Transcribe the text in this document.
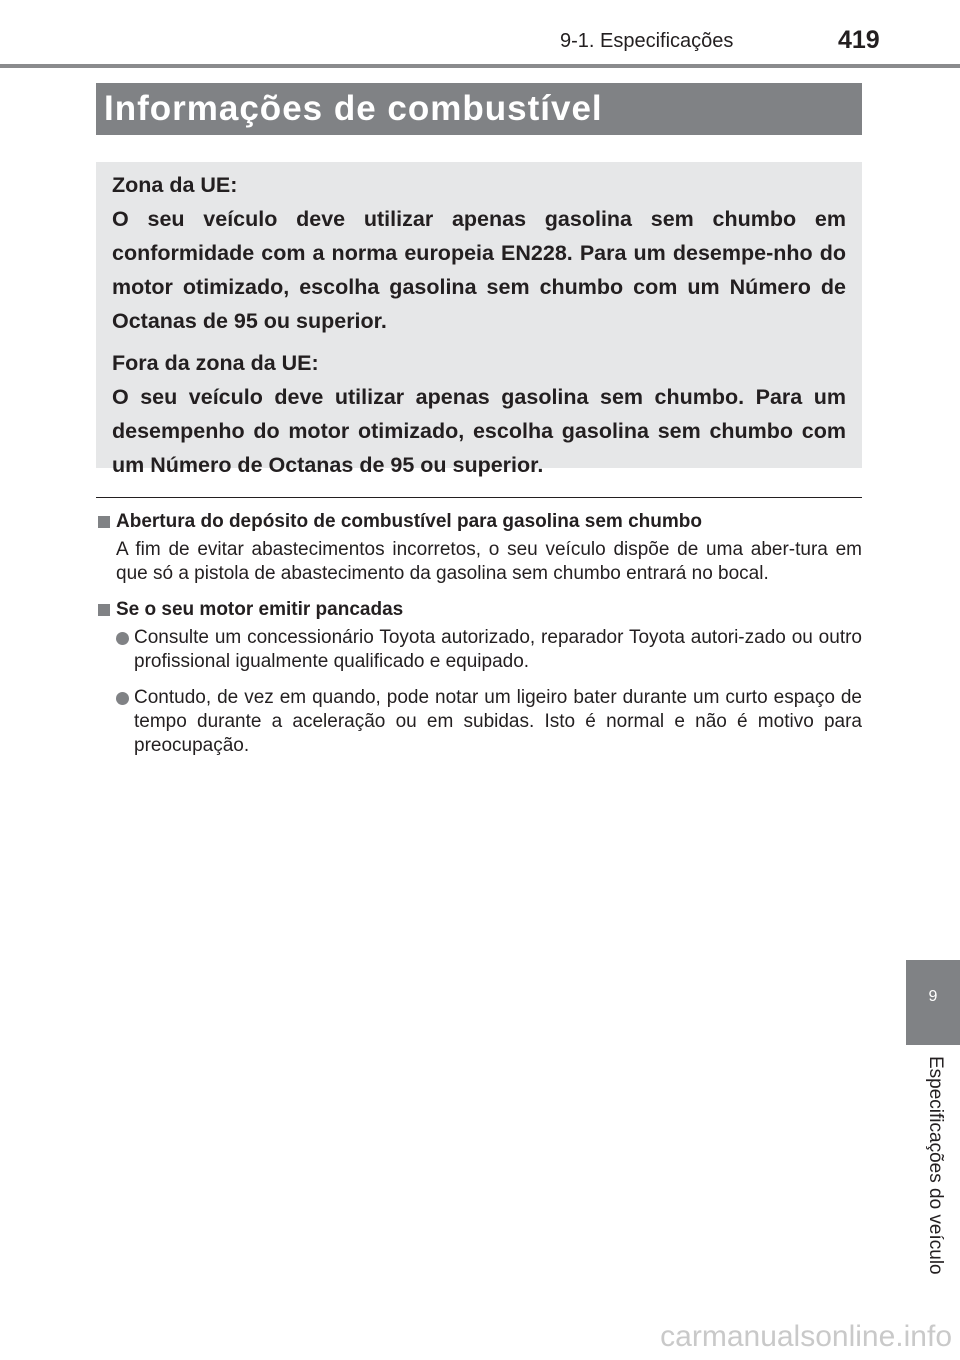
9-1. Especificações	419
Informações de combustível

Zona da UE:

O seu veículo deve utilizar apenas gasolina sem chumbo em conformidade com a norma europeia EN228. Para um desempe-nho do motor otimizado, escolha gasolina sem chumbo com um Número de Octanas de 95 ou superior.

Fora da zona da UE:

O seu veículo deve utilizar apenas gasolina sem chumbo. Para um desempenho do motor otimizado, escolha gasolina sem chumbo com um Número de Octanas de 95 ou superior.

Abertura do depósito de combustível para gasolina sem chumbo

A fim de evitar abastecimentos incorretos, o seu veículo dispõe de uma aber-tura em que só a pistola de abastecimento da gasolina sem chumbo entrará no bocal.

Se o seu motor emitir pancadas
Consulte um concessionário Toyota autorizado, reparador Toyota autori-zado ou outro profissional igualmente qualificado e equipado.
Contudo, de vez em quando, pode notar um ligeiro bater durante um curto espaço de tempo durante a aceleração ou em subidas. Isto é normal e não é motivo para preocupação.
9
Especificações do veículo
carmanualsonline.info
